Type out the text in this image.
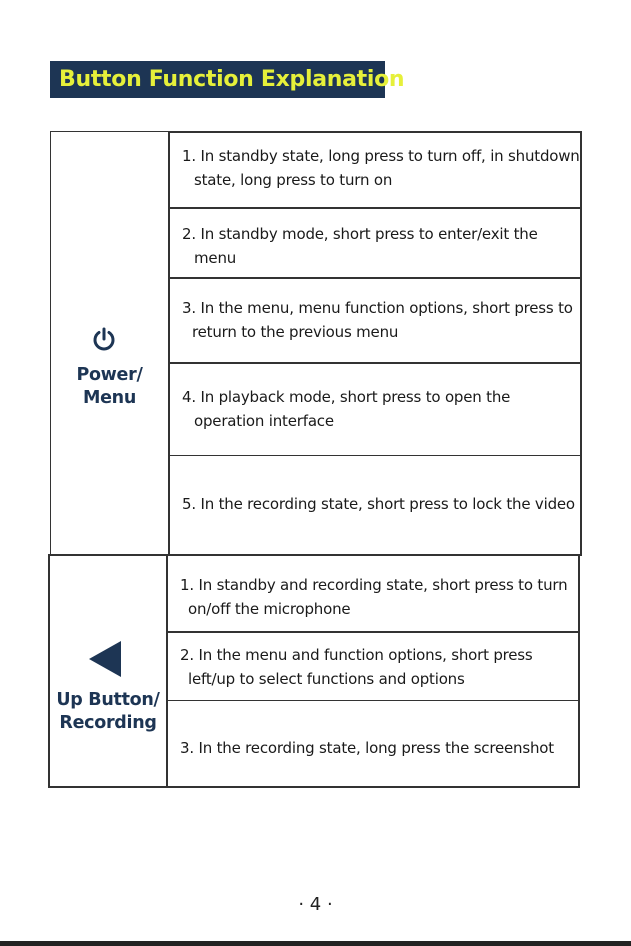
Button Function Explanation
Power/
Menu
1. In standby state, long press to turn off, in shutdown
state, long press to turn on
2. In standby mode, short press to enter/exit the
menu
3. In the menu, menu function options, short press to
return to the previous menu
4. In playback mode, short press to open the
operation interface
5. In the recording state, short press to lock the video
Up Button/
Recording
1. In standby and recording state, short press to turn
on/off the microphone
2. In the menu and function options, short press
left/up to select functions and options
3. In the recording state, long press the screenshot
· 4 ·
